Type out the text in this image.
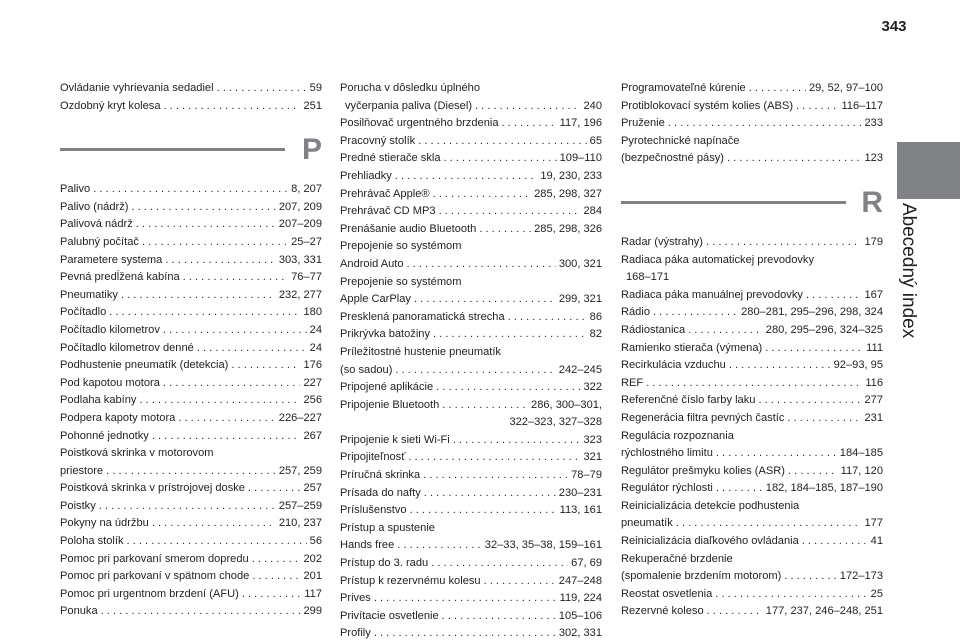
343
Abecedný index
Ovládanie vyhrievania sedadiel . . .	59
Ozdobný kryt kolesa . . .	251
P
Palivo . . .	8, 207
Palivo (nádrž) . . .	207, 209
Palivová nádrž . . .	207–209
Palubný počítač . . .	25–27
Parametere systema . . .	303, 331
Pevná predĺžená kabína . . .	76–77
Pneumatiky . . .	232, 277
Počítadlo . . .	180
Počítadlo kilometrov . . .	24
Počítadlo kilometrov denné . . .	24
Podhustenie pneumatík (detekcia) . . .	176
Pod kapotou motora . . .	227
Podlaha kabíny . . .	256
Podpera kapoty motora . . .	226–227
Pohonné jednotky . . .	267
Poistková skrinka v motorovom
priestore . . .	257, 259
Poistková skrinka v prístrojovej doske . . .	257
Poistky . . .	257–259
Pokyny na údržbu . . .	210, 237
Poloha stolík . . .	56
Pomoc pri parkovaní smerom dopredu . . .	202
Pomoc pri parkovaní v spätnom chode . . .	201
Pomoc pri urgentnom brzdení (AFU) . . .	117
Ponuka . . .	299
Porucha v dôsledku úplného
vyčerpania paliva (Diesel) . . .	240
Posilňovač urgentného brzdenia . . .	117, 196
Pracovný stolík . . .	65
Predné stierače skla . . .	109–110
Prehliadky . . .	19, 230, 233
Prehrávač Apple® . . .	285, 298, 327
Prehrávač CD MP3 . . .	284
Prenášanie audio Bluetooth . . .	285, 298, 326
Prepojenie so systémom
Android Auto . . .	300, 321
Prepojenie so systémom
Apple CarPlay . . .	299, 321
Presklená panoramatická strecha . . .	86
Prikrývka batožiny . . .	82
Príležitostné hustenie pneumatík
(so sadou) . . .	242–245
Pripojené aplikácie . . .	322
Pripojenie Bluetooth . . .	286, 300–301,
322–323, 327–328
Pripojenie k sieti Wi-Fi . . .	323
Pripojiteľnosť . . .	321
Príručná skrinka . . .	78–79
Prísada do nafty . . .	230–231
Príslušenstvo . . .	113, 161
Prístup a spustenie
Hands free . . .	32–33, 35–38, 159–161
Prístup do 3. radu . . .	67, 69
Prístup k rezervnému kolesu . . .	247–248
Prives . . .	119, 224
Privítacie osvetlenie . . .	105–106
Profily . . .	302, 331
Programovateľné kúrenie . . .	29, 52, 97–100
Protiblokovací systém kolies (ABS) . . .	116–117
Pruženie . . .	233
Pyrotechnické napínače
(bezpečnostné pásy) . . .	123
R
Radar (výstrahy) . . .	179
Radiaca páka automatickej prevodovky
168–171
Radiaca páka manuálnej prevodovky . . .	167
Rádio . . .	280–281, 295–296, 298, 324
Rádiostanica . . .	280, 295–296, 324–325
Ramienko stierača (výmena) . . .	111
Recirkulácia vzduchu . . .	92–93, 95
REF . . .	116
Referenčné číslo farby laku . . .	277
Regenerácia filtra pevných častíc . . .	231
Regulácia rozpoznania
rýchlostného limitu . . .	184–185
Regulátor prešmyku kolies (ASR) . . .	117, 120
Regulátor rýchlosti . . .	182, 184–185, 187–190
Reinicializácia detekcie podhustenia
pneumatík . . .	177
Reinicializácia diaľkového ovládania . . .	41
Rekuperačné brzdenie
(spomalenie brzdením motorom) . . .	172–173
Reostat osvetlenia . . .	25
Rezervné koleso . . .	177, 237, 246–248, 251
